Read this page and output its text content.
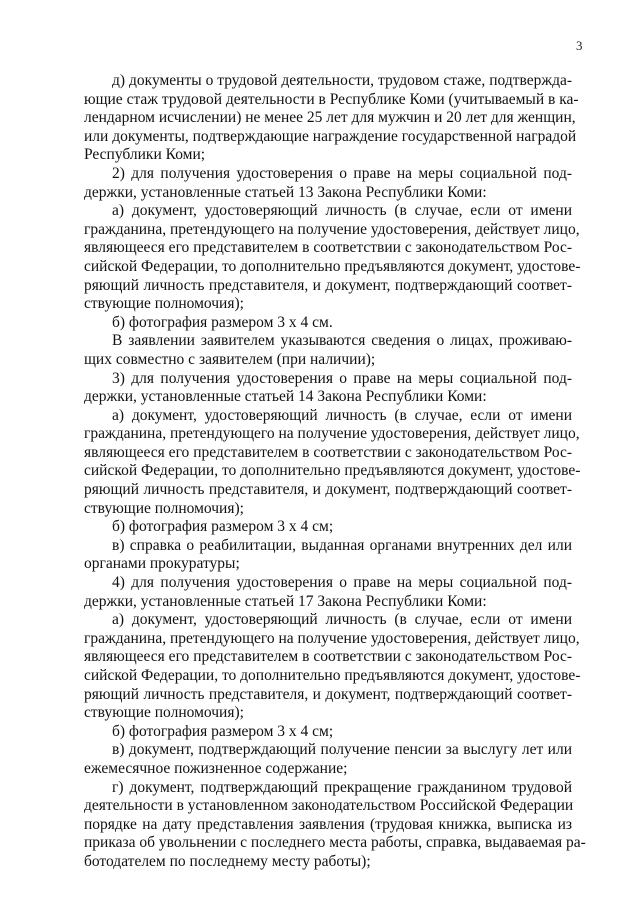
3
д) документы о трудовой деятельности, трудовом стаже, подтвержда-
ющие стаж трудовой деятельности в Республике Коми (учитываемый в ка-
лендарном исчислении) не менее 25 лет для мужчин и 20 лет для женщин,
или документы, подтверждающие награждение государственной наградой
Республики Коми;
2) для получения удостоверения о праве на меры социальной под-
держки, установленные статьей 13 Закона Республики Коми:
а) документ, удостоверяющий личность (в случае, если от имени
гражданина, претендующего на получение удостоверения, действует лицо,
являющееся его представителем в соответствии с законодательством Рос-
сийской Федерации, то дополнительно предъявляются документ, удостове-
ряющий личность представителя, и документ, подтверждающий соответ-
ствующие полномочия);
б) фотография размером 3 x 4 см.
В заявлении заявителем указываются сведения о лицах, проживаю-
щих совместно с заявителем (при наличии);
3) для получения удостоверения о праве на меры социальной под-
держки, установленные статьей 14 Закона Республики Коми:
а) документ, удостоверяющий личность (в случае, если от имени
гражданина, претендующего на получение удостоверения, действует лицо,
являющееся его представителем в соответствии с законодательством Рос-
сийской Федерации, то дополнительно предъявляются документ, удостове-
ряющий личность представителя, и документ, подтверждающий соответ-
ствующие полномочия);
б) фотография размером 3 x 4 см;
в) справка о реабилитации, выданная органами внутренних дел или
органами прокуратуры;
4) для получения удостоверения о праве на меры социальной под-
держки, установленные статьей 17 Закона Республики Коми:
а) документ, удостоверяющий личность (в случае, если от имени
гражданина, претендующего на получение удостоверения, действует лицо,
являющееся его представителем в соответствии с законодательством Рос-
сийской Федерации, то дополнительно предъявляются документ, удостове-
ряющий личность представителя, и документ, подтверждающий соответ-
ствующие полномочия);
б) фотография размером 3 x 4 см;
в) документ, подтверждающий получение пенсии за выслугу лет или
ежемесячное пожизненное содержание;
г) документ, подтверждающий прекращение гражданином трудовой
деятельности в установленном законодательством Российской Федерации
порядке на дату представления заявления (трудовая книжка, выписка из
приказа об увольнении с последнего места работы, справка, выдаваемая ра-
ботодателем по последнему месту работы);
